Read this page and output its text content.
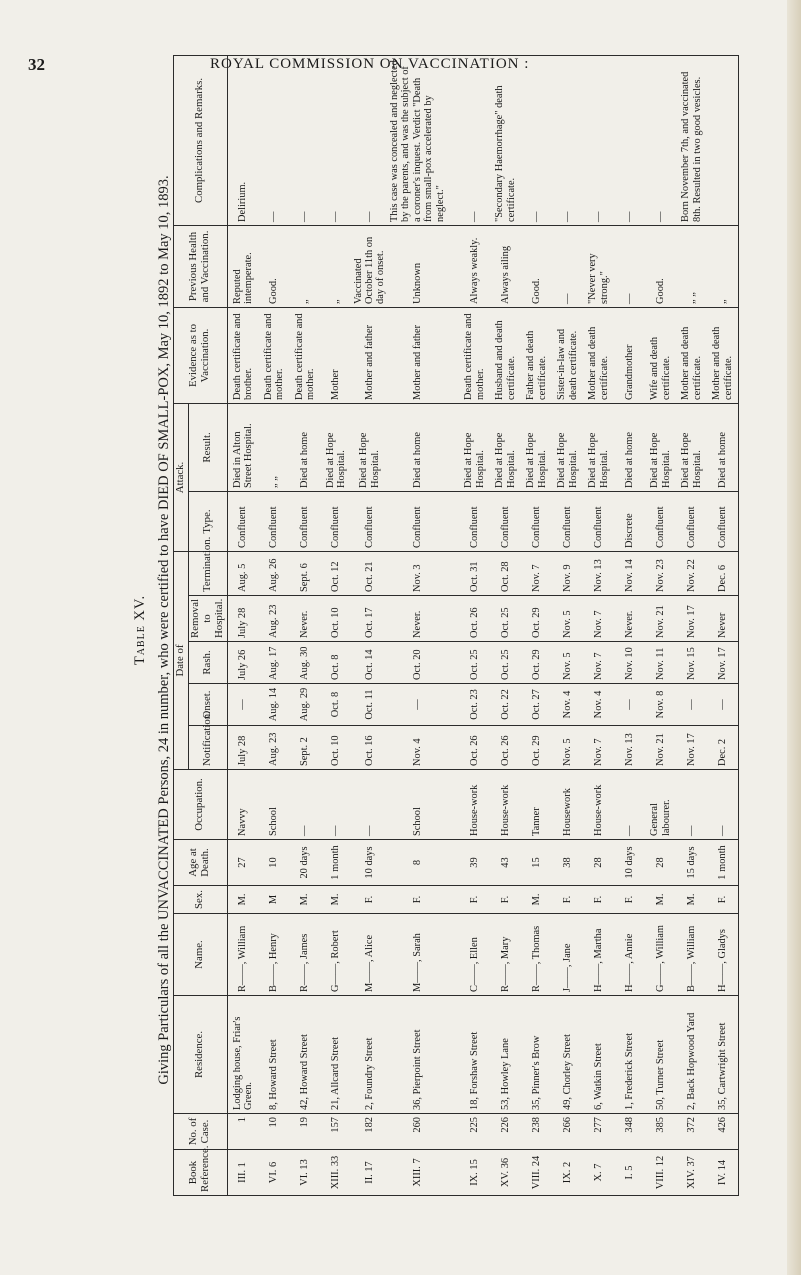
32	ROYAL COMMISSION ON VACCINATION :
Table XV. Giving Particulars of all the UNVACCINATED Persons, 24 in number, who were certified to have DIED OF SMALL-POX, May 10, 1892 to May 10, 1893.
Book Reference.	No. of Case.	Residence.	Name.	Sex.	Age at Death.	Occupation.	Date of					Attack.		Evidence as to Vaccination.	Previous Health and Vaccination.	Complications and Remarks.
							Notification.	Onset.	Rash.	Removal to Hospital.	Termination.	Type.	Result.			
III. 1	1	Lodging house, Friar's Green.	R——, William	M.	27	Navvy	July 28	—	July 26	July 28	Aug. 5	Confluent	Died in Alton Street Hospital.	Death certificate and brother.	Reputed intemperate.	Delirium.
VI. 6	10	8, Howard Street	B——, Henry	M	10	School	Aug. 23	Aug. 14	Aug. 17	Aug. 23	Aug. 26	Confluent	„ „	Death certificate and mother.	Good.	—
VI. 13	19	42, Howard Street	R——, James	M.	20 days	—	Sept. 2	Aug. 29	Aug. 30	Never.	Sept. 6	Confluent	Died at home	Death certificate and mother.	„	—
XIII. 33	157	21, Allcard Street	G——, Robert	M.	1 month	—	Oct. 10	Oct. 8	Oct. 8	Oct. 10	Oct. 12	Confluent	Died at Hope Hospital.	Mother	„	—
II. 17	182	2, Foundry Street	M——, Alice	F.	10 days	—	Oct. 16	Oct. 11	Oct. 14	Oct. 17	Oct. 21	Confluent	Died at Hope Hospital.	Mother and father	Vaccinated October 11th on day of onset.	—
XIII. 7	260	36, Pierpoint Street	M——, Sarah	F.	8	School	Nov. 4	—	Oct. 20	Never.	Nov. 3	Confluent	Died at home	Mother and father	Unknown	This case was concealed and neglected by the parents, and was the subject of a coroner's inquest. Verdict "Death from small-pox accelerated by neglect."

IX. 15	225	18, Forshaw Street	C——, Ellen	F.	39	House-work	Oct. 26	Oct. 23	Oct. 25	Oct. 26	Oct. 31	Confluent	Died at Hope Hospital.	Death certificate and mother.	Always weakly.	—
XV. 36	226	53, Howley Lane	R——, Mary	F.	43	House-work	Oct. 26	Oct. 22	Oct. 25	Oct. 25	Oct. 28	Confluent	Died at Hope Hospital.	Husband and death certificate.	Always ailing	"Secondary Haemorrhage" death certificate.
VIII. 24	238	35, Pinner's Brow	R——, Thomas	M.	15	Tanner	Oct. 29	Oct. 27	Oct. 29	Oct. 29	Nov. 7	Confluent	Died at Hope Hospital.	Father and death certificate.	Good.	—
IX. 2	266	49, Chorley Street	J——, Jane	F.	38	Housework	Nov. 5	Nov. 4	Nov. 5	Nov. 5	Nov. 9	Confluent	Died at Hope Hospital.	Sister-in-law and death certificate.	—	—
X. 7	277	6, Watkin Street	H——, Martha	F.	28	House-work	Nov. 7	Nov. 4	Nov. 7	Nov. 7	Nov. 13	Confluent	Died at Hope Hospital.	Mother and death certificate.	"Never very strong."	—
I. 5	348	1, Frederick Street	H——, Annie	F.	10 days	—	Nov. 13	—	Nov. 10	Never.	Nov. 14	Discrete	Died at home	Grandmother	—	—
VIII. 12	385	50, Turner Street	G——, William	M.	28	General labourer.	Nov. 21	Nov. 8	Nov. 11	Nov. 21	Nov. 23	Confluent	Died at Hope Hospital.	Wife and death certificate.	Good.	—
XIV. 37	372	2, Back Hopwood Yard	B——, William	M.	15 days	—	Nov. 17	—	Nov. 15	Nov. 17	Nov. 22	Confluent	Died at Hope Hospital.	Mother and death certificate.	„ „	Born November 7th, and vaccinated 8th. Resulted in two good vesicles.
IV. 14	426	35, Cartwright Street	H——, Gladys	F.	1 month	—	Dec. 2	—	Nov. 17	Never	Dec. 6	Confluent	Died at home	Mother and death certificate.	„	
